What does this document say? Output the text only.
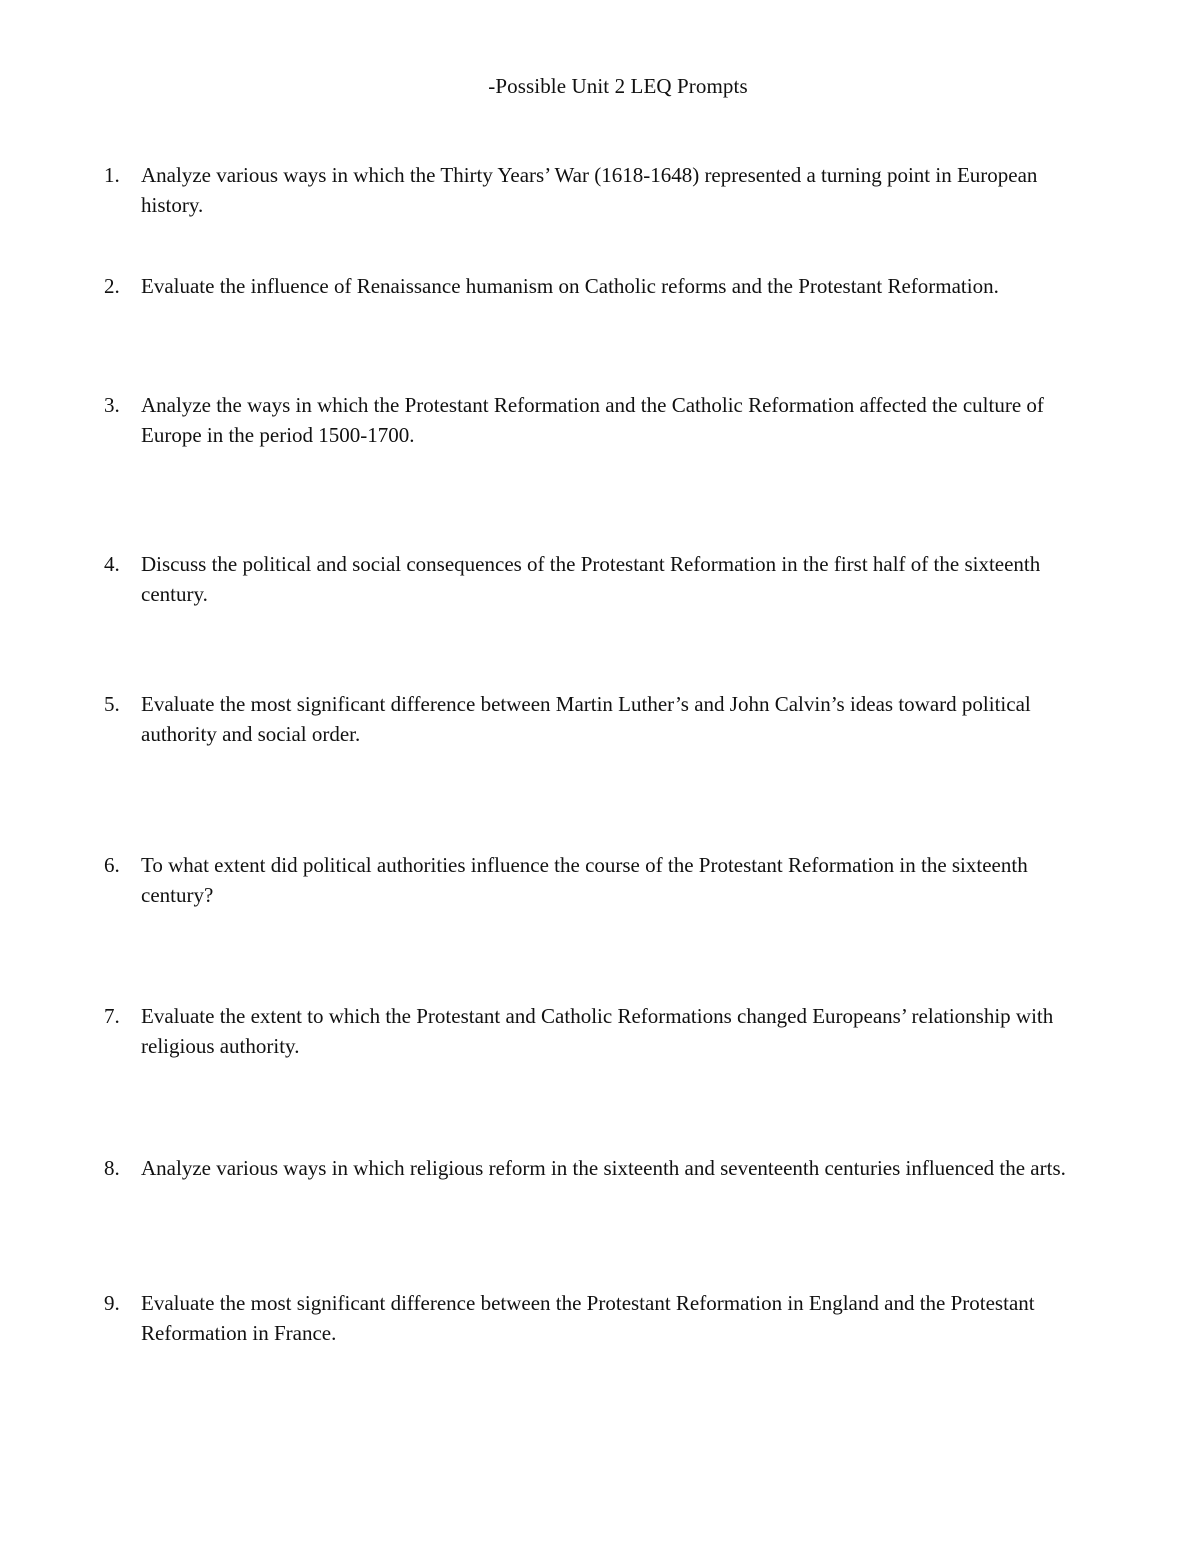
-Possible Unit 2 LEQ Prompts
1.	Analyze various ways in which the Thirty Years’ War (1618-1648) represented a turning point in European history.
2.	Evaluate the influence of Renaissance humanism on Catholic reforms and the Protestant Reformation.
3.	Analyze the ways in which the Protestant Reformation and the Catholic Reformation affected the culture of Europe in the period 1500-1700.
4.	Discuss the political and social consequences of the Protestant Reformation in the first half of the sixteenth century.
5.	Evaluate the most significant difference between Martin Luther’s and John Calvin’s ideas toward political authority and social order.
6.	To what extent did political authorities influence the course of the Protestant Reformation in the sixteenth century?
7.	Evaluate the extent to which the Protestant and Catholic Reformations changed Europeans’ relationship with religious authority.
8.	Analyze various ways in which religious reform in the sixteenth and seventeenth centuries influenced the arts.
9.	Evaluate the most significant difference between the Protestant Reformation in England and the Protestant Reformation in France.
